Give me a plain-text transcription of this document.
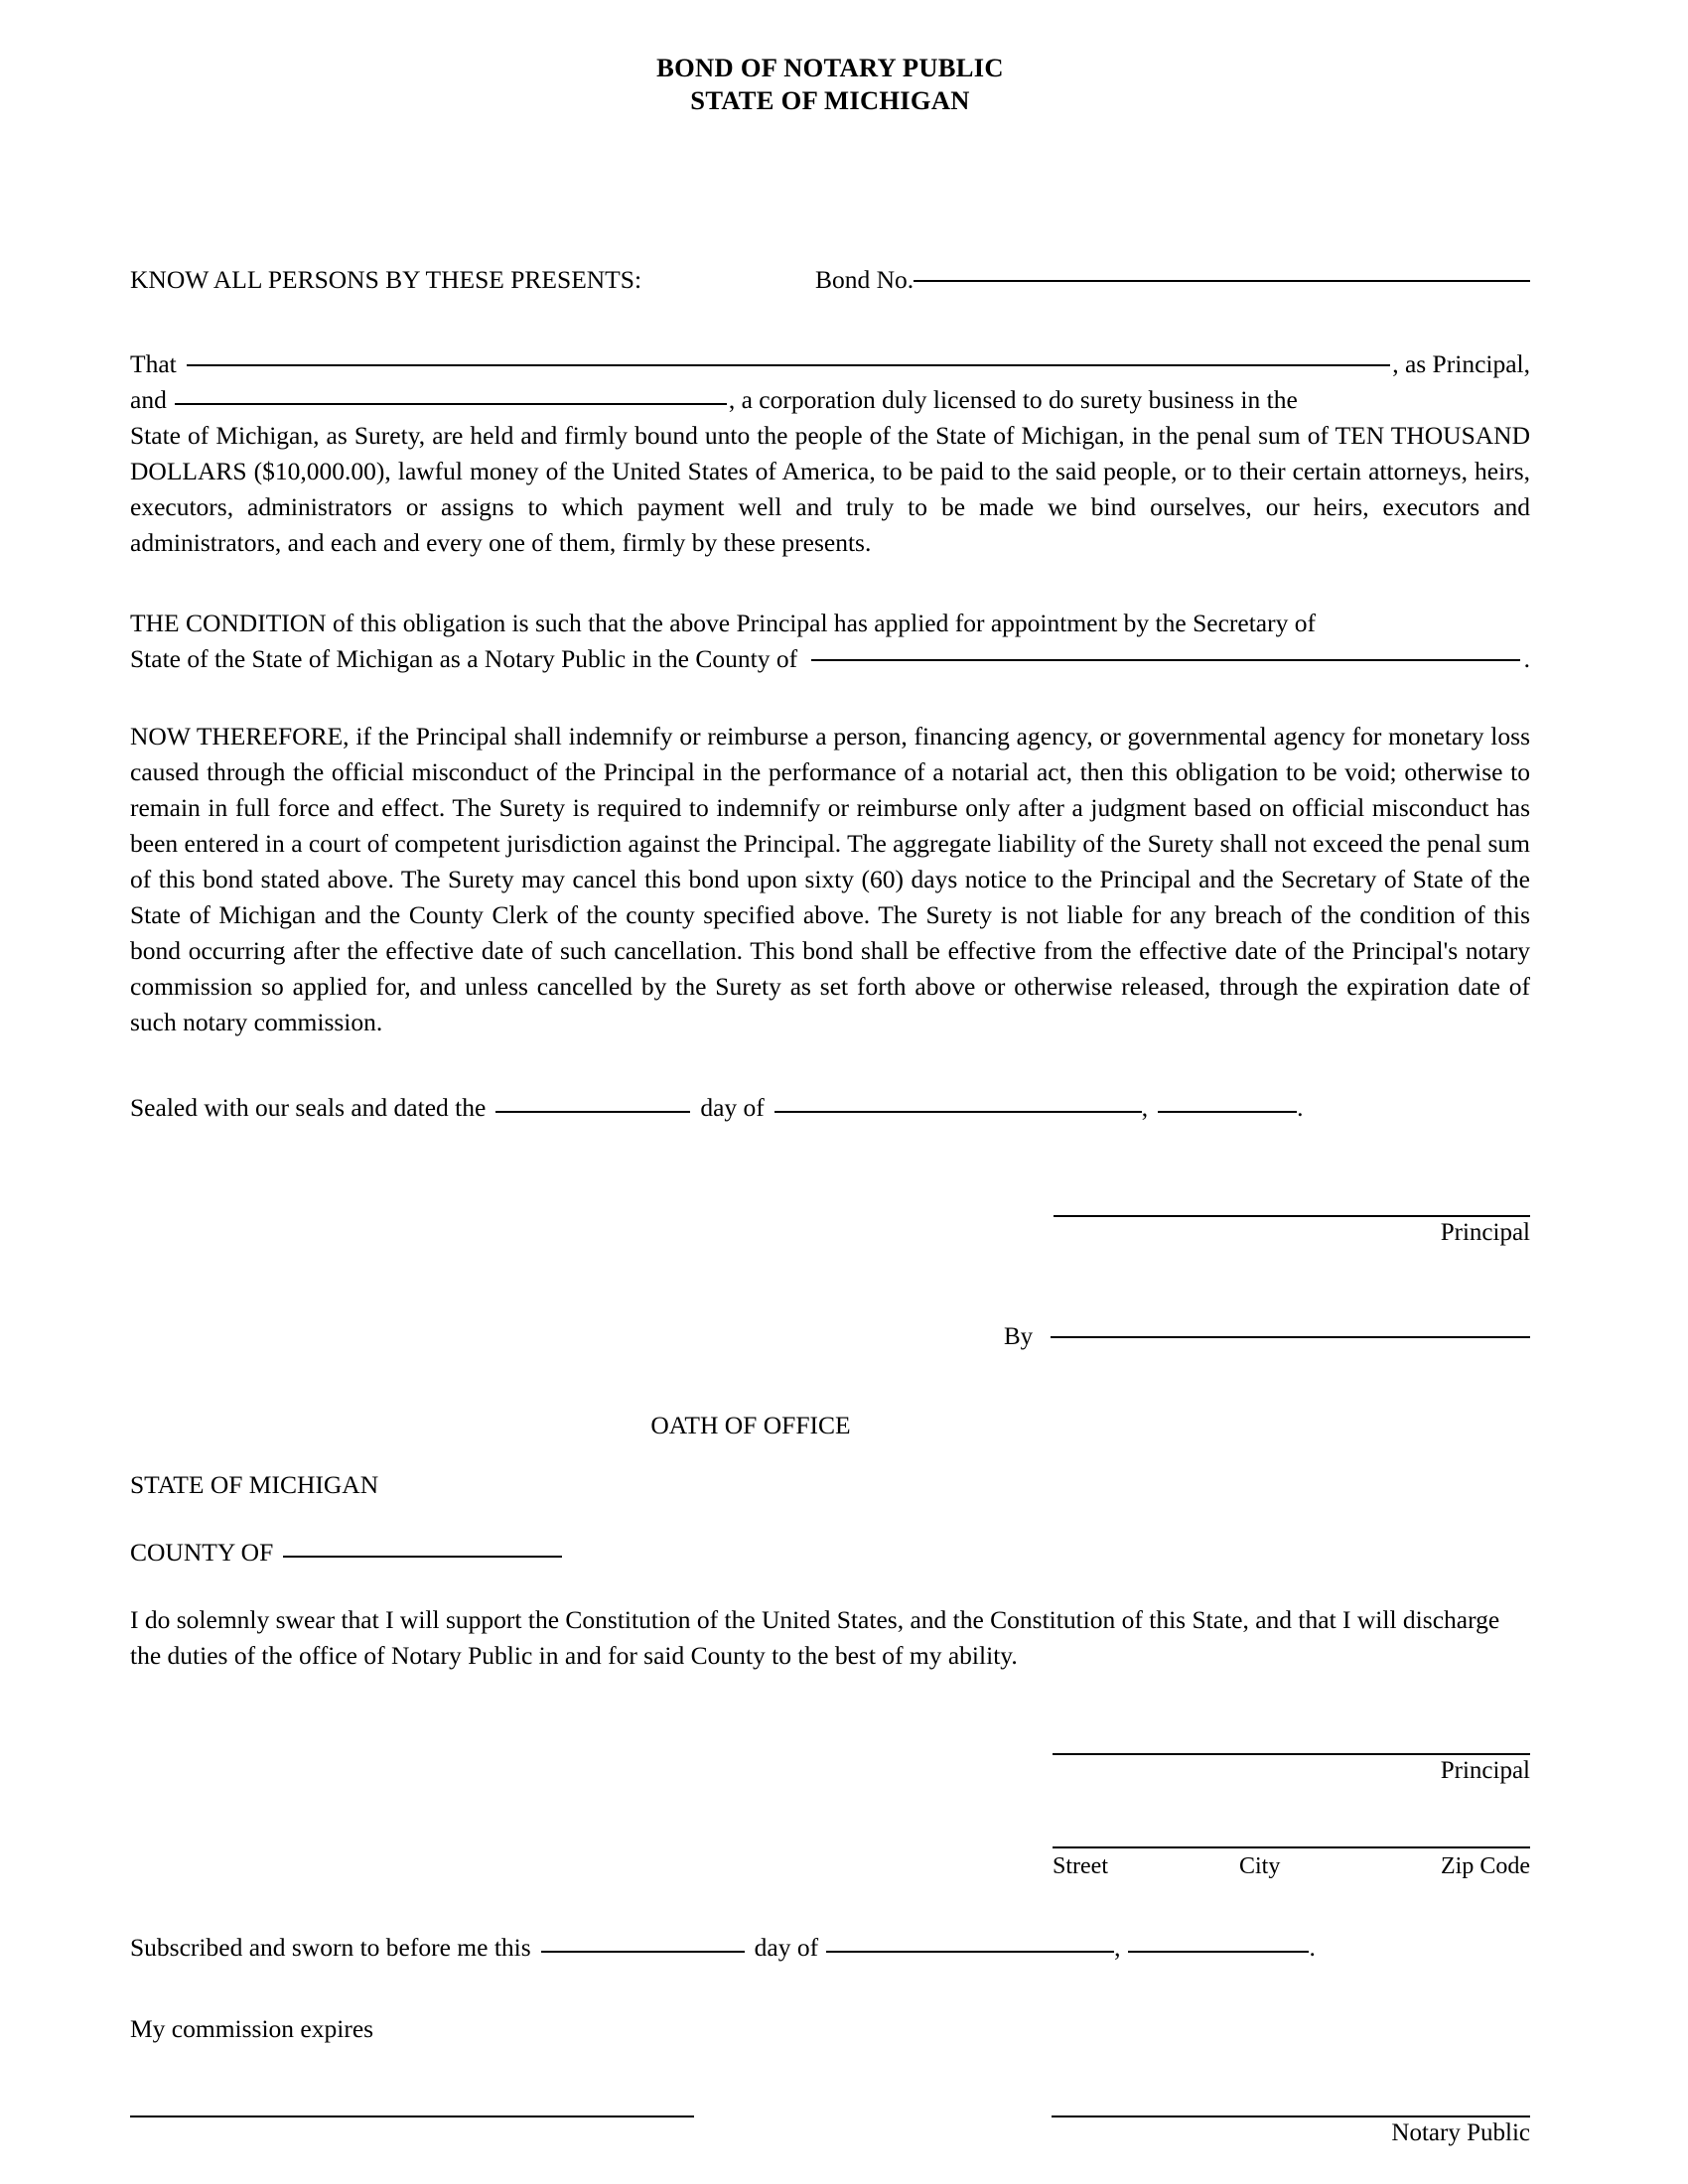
BOND OF NOTARY PUBLIC
STATE OF MICHIGAN
KNOW ALL PERSONS BY THESE PRESENTS:	Bond No.
That	, as Principal,
and	, a corporation duly licensed to do surety business in the
State of Michigan, as Surety, are held and firmly bound unto the people of the State of Michigan, in the penal sum of TEN THOUSAND DOLLARS ($10,000.00), lawful money of the United States of America, to be paid to the said people, or to their certain attorneys, heirs, executors, administrators or assigns to which payment well and truly to be made we bind ourselves, our heirs, executors and administrators, and each and every one of them, firmly by these presents.
THE CONDITION of this obligation is such that the above Principal has applied for appointment by the Secretary of
State of the State of Michigan as a Notary Public in the County of	.
NOW THEREFORE, if the Principal shall indemnify or reimburse a person, financing agency, or governmental agency for monetary loss caused through the official misconduct of the Principal in the performance of a notarial act, then this obligation to be void; otherwise to remain in full force and effect. The Surety is required to indemnify or reimburse only after a judgment based on official misconduct has been entered in a court of competent jurisdiction against the Principal. The aggregate liability of the Surety shall not exceed the penal sum of this bond stated above. The Surety may cancel this bond upon sixty (60) days notice to the Principal and the Secretary of State of the State of Michigan and the County Clerk of the county specified above. The Surety is not liable for any breach of the condition of this bond occurring after the effective date of such cancellation. This bond shall be effective from the effective date of the Principal's notary commission so applied for, and unless cancelled by the Surety as set forth above or otherwise released, through the expiration date of such notary commission.
Sealed with our seals and dated the	day of	,	.
Principal
By
OATH OF OFFICE
STATE OF MICHIGAN
COUNTY OF
I do solemnly swear that I will support the Constitution of the United States, and the Constitution of this State, and that I will discharge the duties of the office of Notary Public in and for said County to the best of my ability.
Principal
Street	City	Zip Code
Subscribed and sworn to before me this	day of	,	.
My commission expires
Notary Public
